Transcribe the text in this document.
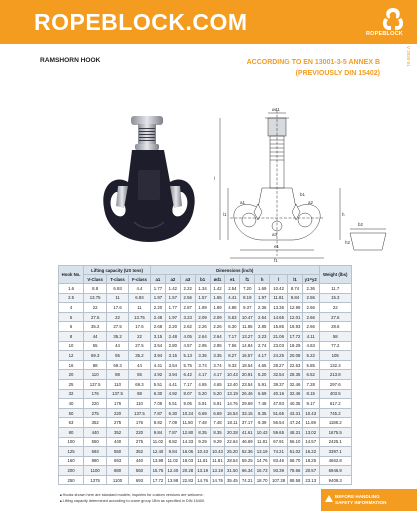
ROPEBLOCK.COM	ROPEBLOCK
V 2020-01
RAMSHORN HOOK	ACCORDING TO EN 13001-3-5 ANNEX B
(PREVIOUSLY DIN 15402)
ød1
l
l1	h
a1	a2
a3
b1
e1
f1
b2
h2
Hook No.	Lifting capacity (US tons)			Dimensions (inch)											Weight (lbs)
	V-Class	T-class	F-class	a1	a2	a3	b1	ød1	e1	f1	h	l	l1	y1=y2	
1.6	8.8	6.93	4.4	1.77	1.42	2.22	1.34	1.42	2.54	7.20	1.69	10.42	8.74	2.36	11.7
2.5	13.75	11	6.93	1.97	1.57	2.56	1.57	1.65	4.41	8.19	1.97	11.81	9.84	2.56	15.3
4	22	17.6	11	2.20	1.77	2.87	1.89	1.89	4.88	9.37	2.36	13.35	12.99	2.66	22
5	27.5	22	13.75	2.48	1.97	3.23	2.09	2.09	5.63	10.47	2.64	14.65	12.01	2.66	27.6
6	35.2	27.5	17.6	2.68	2.20	2.62	2.26	2.26	6.30	11.85	2.85	15.85	16.93	2.66	28.6
8	44	35.2	22	3.15	2.48	4.05	2.64	2.64	7.17	13.27	3.23	21.06	17.72	4.11	58
10	55	44	27.5	3.54	2.80	4.57	2.95	2.95	7.56	14.84	2.74	23.03	19.29	4.63	77.2
12	69.3	55	35.2	3.94	3.15	5.13	3.35	3.35	8.27	16.57	4.17	24.25	20.08	5.22	105
16	88	69.3	44	4.41	3.54	5.75	3.74	3.74	9.33	18.54	4.65	28.27	22.63	5.85	132.3
20	110	88	55	4.92	3.94	6.42	4.17	4.17	10.43	20.91	5.20	32.54	28.35	6.52	213.8
25	137.5	110	69.3	5.51	4.41	7.17	4.65	4.65	13.40	23.54	5.91	39.37	32.46	7.28	297.6
32	176	137.5	88	6.30	4.92	8.07	5.20	5.20	13.19	26.46	6.69	40.16	32.46	8.15	403.5
40	220	176	110	7.09	5.51	9.05	5.91	5.91	14.76	29.69	7.48	47.83	40.35	9.17	617.2
50	275	220	137.5	7.87	6.30	10.24	6.69	6.69	16.54	33.15	8.35	51.65	43.31	10.43	745.2
63	352	275	176	8.82	7.09	11.50	7.48	7.48	18.11	37.17	9.39	56.54	47.24	11.69	1188.2
80	440	352	220	9.84	7.87	12.80	8.35	8.35	20.28	41.61	10.43	59.65	48.31	13.02	1675.5
100	550	440	275	11.02	8.82	14.33	9.29	9.29	22.64	46.69	11.81	67.91	56.10	14.57	2425.1
125	693	550	352	12.40	9.84	16.06	10.43	10.43	25.20	52.36	13.19	74.21	61.02	16.22	3397.1
160	880	693	440	13.98	11.02	18.03	11.81	11.81	28.54	59.25	14.76	83.46	68.70	18.25	4662.8
200	1100	880	550	15.75	12.40	20.28	13.19	13.19	31.50	66.34	16.73	93.39	78.66	20.57	6946.9
250	1375	1100	693	17.72	13.98	22.83	14.76	14.76	35.45	74.21	18.70	107.28	88.58	23.13	9409.3
■ Hooks shown here are standard models; inquiries for custom versions are welcome.
■ Lifting capacity determined according to crane group 1Bm as specified in DIN 15400.
BEFORE HANDLING
SAFETY INFORMATION
